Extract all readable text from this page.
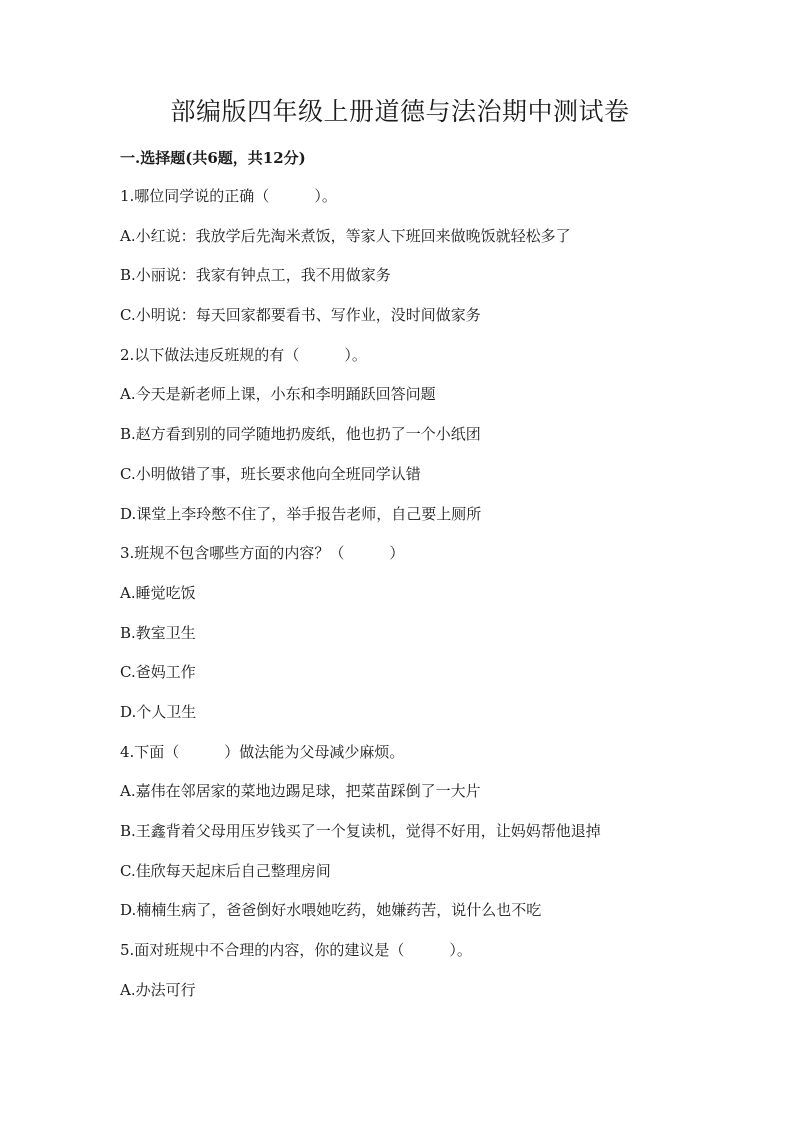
部编版四年级上册道德与法治期中测试卷
一.选择题(共6题，共12分)
1.哪位同学说的正确（　　　）。
A.小红说：我放学后先淘米煮饭，等家人下班回来做晚饭就轻松多了
B.小丽说：我家有钟点工，我不用做家务
C.小明说：每天回家都要看书、写作业，没时间做家务
2.以下做法违反班规的有（　　　）。
A.今天是新老师上课，小东和李明踊跃回答问题
B.赵方看到别的同学随地扔废纸，他也扔了一个小纸团
C.小明做错了事，班长要求他向全班同学认错
D.课堂上李玲憋不住了，举手报告老师，自己要上厕所
3.班规不包含哪些方面的内容？（　　　）
A.睡觉吃饭
B.教室卫生
C.爸妈工作
D.个人卫生
4.下面（　　　）做法能为父母减少麻烦。
A.嘉伟在邻居家的菜地边踢足球，把菜苗踩倒了一大片
B.王鑫背着父母用压岁钱买了一个复读机，觉得不好用，让妈妈帮他退掉
C.佳欣每天起床后自己整理房间
D.楠楠生病了，爸爸倒好水喂她吃药，她嫌药苦，说什么也不吃
5.面对班规中不合理的内容，你的建议是（　　　）。
A.办法可行
